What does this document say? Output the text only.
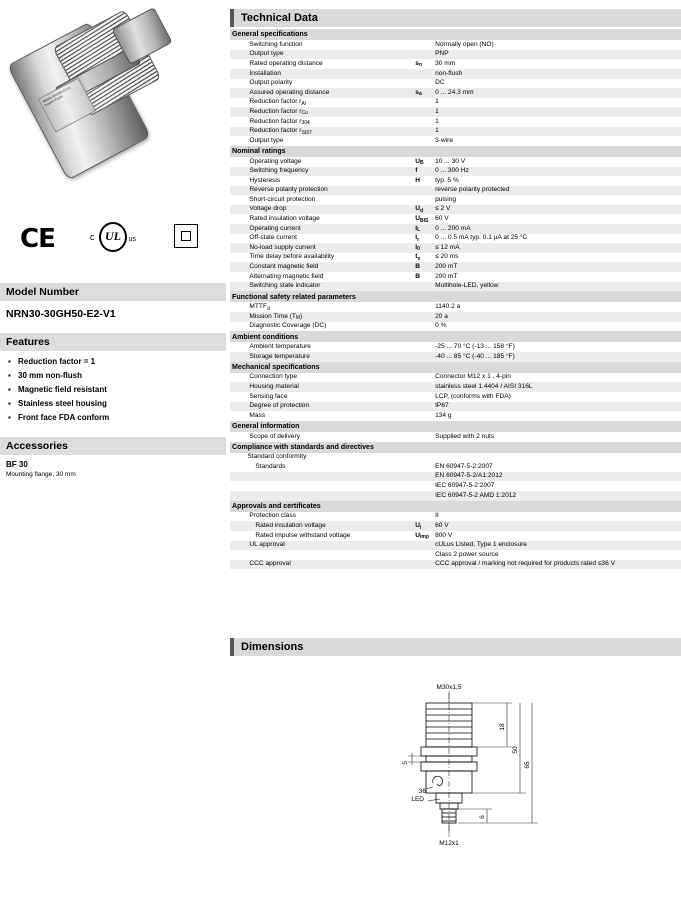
NRN30-30GH50-E2-V1 Pepperl+Fuchs
CE	UL
c	us
Model Number
NRN30-30GH50-E2-V1
Features
▪ Reduction factor = 1
▪ 30 mm non-flush
▪ Magnetic field resistant
▪ Stainless steel housing
▪ Front face FDA conform
Accessories
BF 30
Mounting flange, 30 mm
Technical Data
General specifications			
	Switching function		Normally open (NO)
	Output type		PNP
	Rated operating distance	$s_n$	30 mm
	Installation		non-flush
	Output polarity		DC
	Assured operating distance	$s_a$	0 ... 24.3 mm
	Reduction factor $r_{Al}$		1
	Reduction factor $r_{Cu}$		1
	Reduction factor $r_{304}$		1
	Reduction factor $r_{St37}$		1
	Output type		3-wire
Nominal ratings			
	Operating voltage	$U_B$	10 ... 30 V
	Switching frequency	f	0 ... 300 Hz
	Hysteresis	H	typ. 5 %
	Reverse polarity protection		reverse polarity protected
	Short-circuit protection		pulsing
	Voltage drop	$U_d$	≤ 2 V
	Rated insulation voltage	$U_{BIS}$	60 V
	Operating current	$I_L$	0 ... 200 mA
	Off-state current	$I_r$	0 ... 0.5 mA typ. 0.1 µA at 25 °C
	No-load supply current	$I_0$	≤ 12 mA
	Time delay before availability	$t_v$	≤ 20 ms
	Constant magnetic field	B	200 mT
	Alternating magnetic field	B	200 mT
	Switching state indicator		Multihole-LED, yellow
Functional safety related parameters			
	$MTTF_d$		1140.2 a
	Mission Time $(T_M)$		20 a
	Diagnostic Coverage (DC)		0 %
Ambient conditions			
	Ambient temperature		-25 ... 70 °C (-13 ... 158 °F)
	Storage temperature		-40 ... 85 °C (-40 ... 185 °F)
Mechanical specifications			
	Connection type		Connector M12 x 1 , 4-pin
	Housing material		stainless steel 1.4404 / AISI 316L
	Sensing face		LCP, (conforms with FDA)
	Degree of protection		IP67
	Mass		134 g
General information			
	Scope of delivery		Supplied with 2 nuts
Compliance with standards and directives			
	Standard conformity		
	Standards		EN 60947-5-2:2007
			EN 60947-5-2/A1:2012
			IEC 60947-5-2:2007
			IEC 60947-5-2 AMD 1:2012
Approvals and certificates			
	Protection class		II
	Rated insulation voltage	$U_i$	60 V
	Rated impulse withstand voltage	$U_{imp}$	800 V
	UL approval		cULus Listed, Type 1 enclosure
			Class 2 power source
	CCC approval		CCC approval / marking not required for products rated ≤36 V
Dimensions
M30x1,5
M12x1
LED
36
5
18
50
65
6
